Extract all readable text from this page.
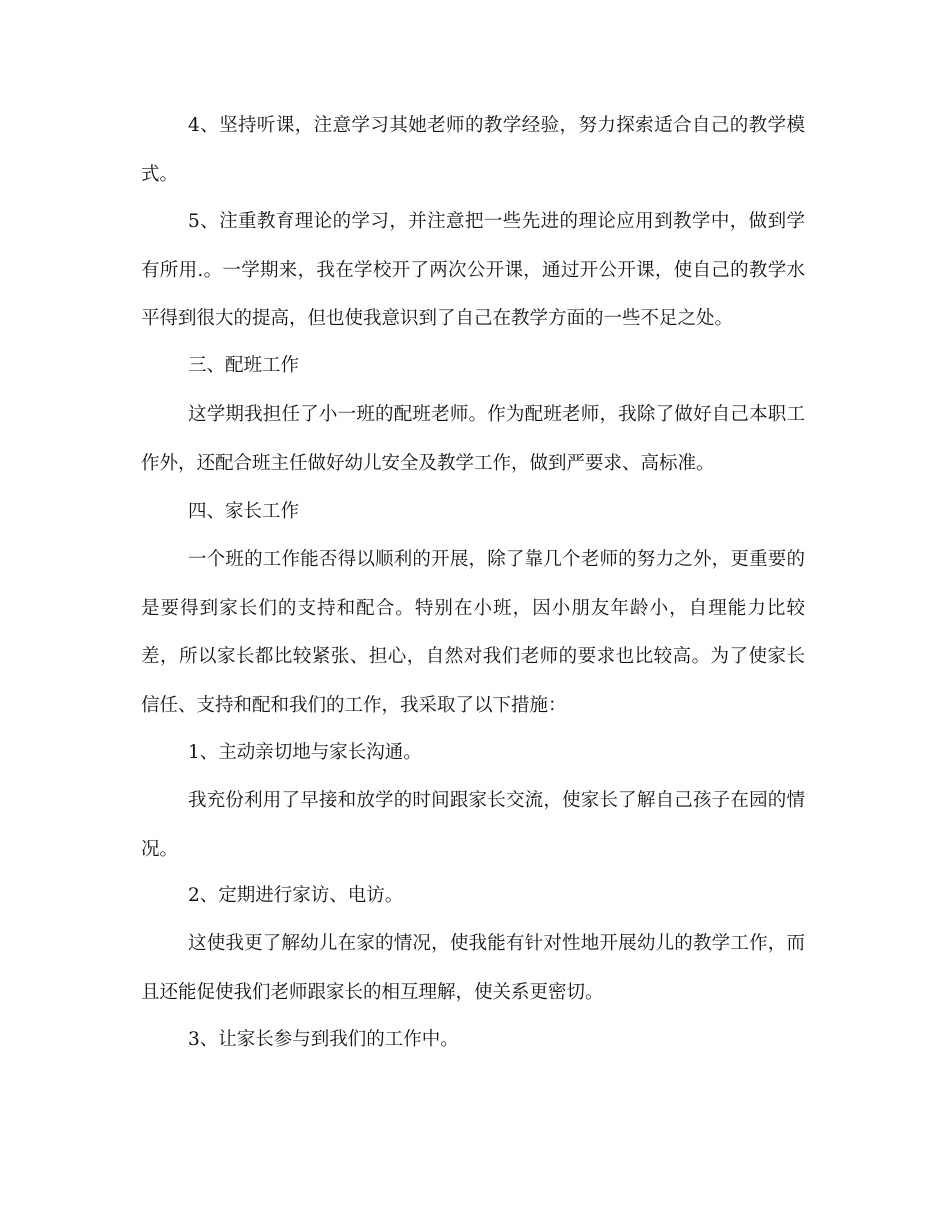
4、坚持听课，注意学习其她老师的教学经验，努力探索适合自己的教学模式。

5、注重教育理论的学习，并注意把一些先进的理论应用到教学中，做到学有所用.。一学期来，我在学校开了两次公开课，通过开公开课，使自己的教学水平得到很大的提高，但也使我意识到了自己在教学方面的一些不足之处。

三、配班工作

这学期我担任了小一班的配班老师。作为配班老师，我除了做好自己本职工作外，还配合班主任做好幼儿安全及教学工作，做到严要求、高标准。

四、家长工作

一个班的工作能否得以顺利的开展，除了靠几个老师的努力之外，更重要的是要得到家长们的支持和配合。特别在小班，因小朋友年龄小，自理能力比较差，所以家长都比较紧张、担心，自然对我们老师的要求也比较高。为了使家长信任、支持和配和我们的工作，我采取了以下措施：

1、主动亲切地与家长沟通。

我充份利用了早接和放学的时间跟家长交流，使家长了解自己孩子在园的情况。

2、定期进行家访、电访。

这使我更了解幼儿在家的情况，使我能有针对性地开展幼儿的教学工作，而且还能促使我们老师跟家长的相互理解，使关系更密切。

3、让家长参与到我们的工作中。
